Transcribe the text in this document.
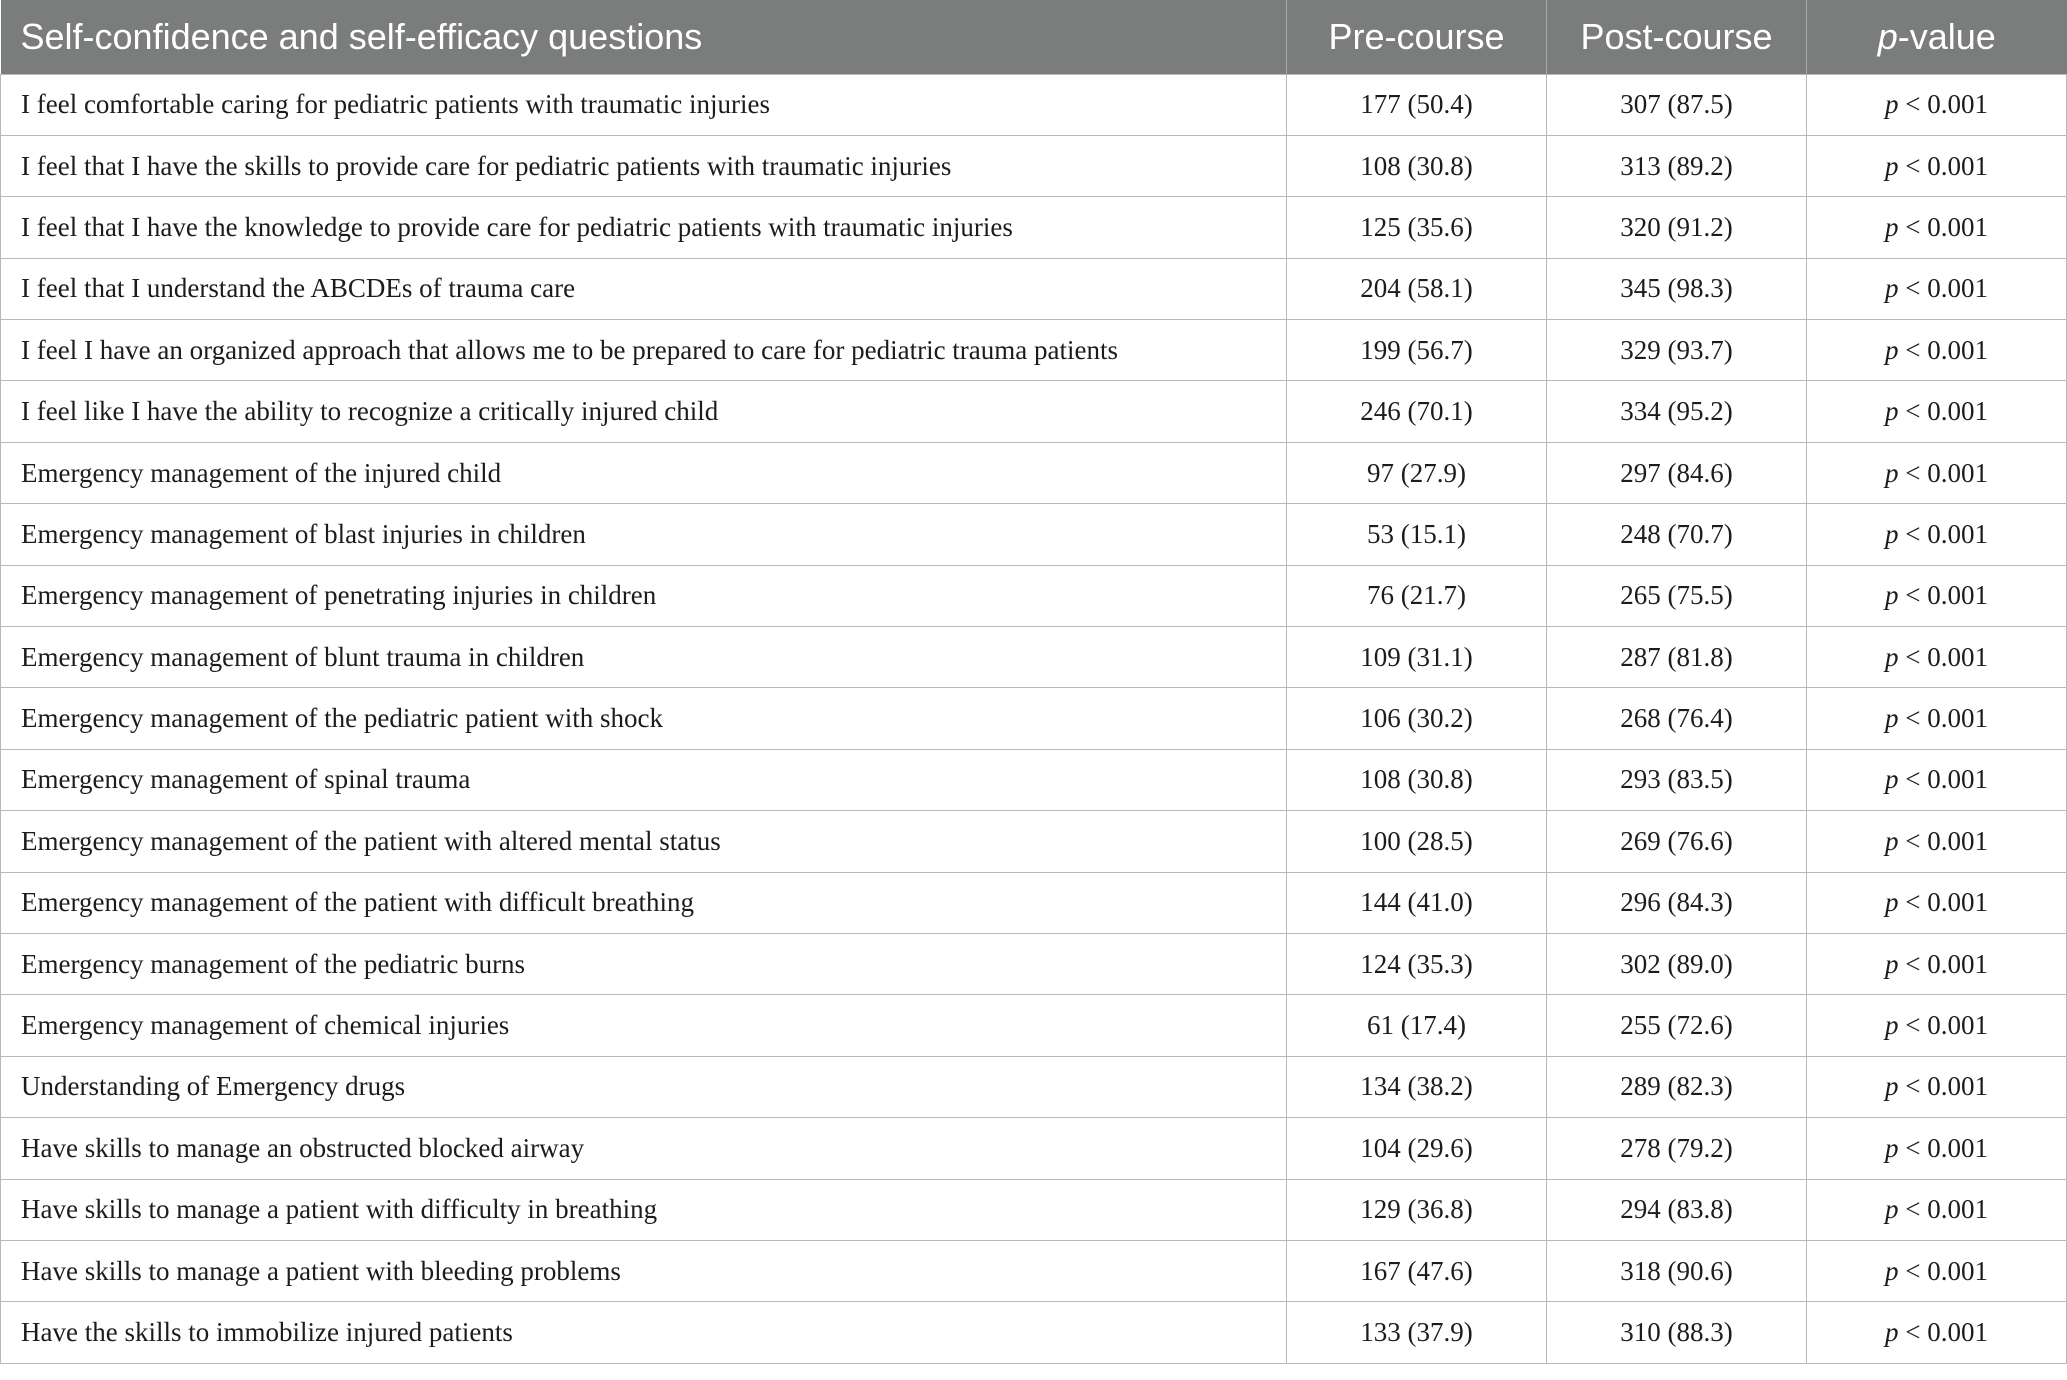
Self-confidence and self-efficacy questions	Pre-course	Post-course	p-value
I feel comfortable caring for pediatric patients with traumatic injuries	177 (50.4)	307 (87.5)	p < 0.001
I feel that I have the skills to provide care for pediatric patients with traumatic injuries	108 (30.8)	313 (89.2)	p < 0.001
I feel that I have the knowledge to provide care for pediatric patients with traumatic injuries	125 (35.6)	320 (91.2)	p < 0.001
I feel that I understand the ABCDEs of trauma care	204 (58.1)	345 (98.3)	p < 0.001
I feel I have an organized approach that allows me to be prepared to care for pediatric trauma patients	199 (56.7)	329 (93.7)	p < 0.001
I feel like I have the ability to recognize a critically injured child	246 (70.1)	334 (95.2)	p < 0.001
Emergency management of the injured child	97 (27.9)	297 (84.6)	p < 0.001
Emergency management of blast injuries in children	53 (15.1)	248 (70.7)	p < 0.001
Emergency management of penetrating injuries in children	76 (21.7)	265 (75.5)	p < 0.001
Emergency management of blunt trauma in children	109 (31.1)	287 (81.8)	p < 0.001
Emergency management of the pediatric patient with shock	106 (30.2)	268 (76.4)	p < 0.001
Emergency management of spinal trauma	108 (30.8)	293 (83.5)	p < 0.001
Emergency management of the patient with altered mental status	100 (28.5)	269 (76.6)	p < 0.001
Emergency management of the patient with difficult breathing	144 (41.0)	296 (84.3)	p < 0.001
Emergency management of the pediatric burns	124 (35.3)	302 (89.0)	p < 0.001
Emergency management of chemical injuries	61 (17.4)	255 (72.6)	p < 0.001
Understanding of Emergency drugs	134 (38.2)	289 (82.3)	p < 0.001
Have skills to manage an obstructed blocked airway	104 (29.6)	278 (79.2)	p < 0.001
Have skills to manage a patient with difficulty in breathing	129 (36.8)	294 (83.8)	p < 0.001
Have skills to manage a patient with bleeding problems	167 (47.6)	318 (90.6)	p < 0.001
Have the skills to immobilize injured patients	133 (37.9)	310 (88.3)	p < 0.001
